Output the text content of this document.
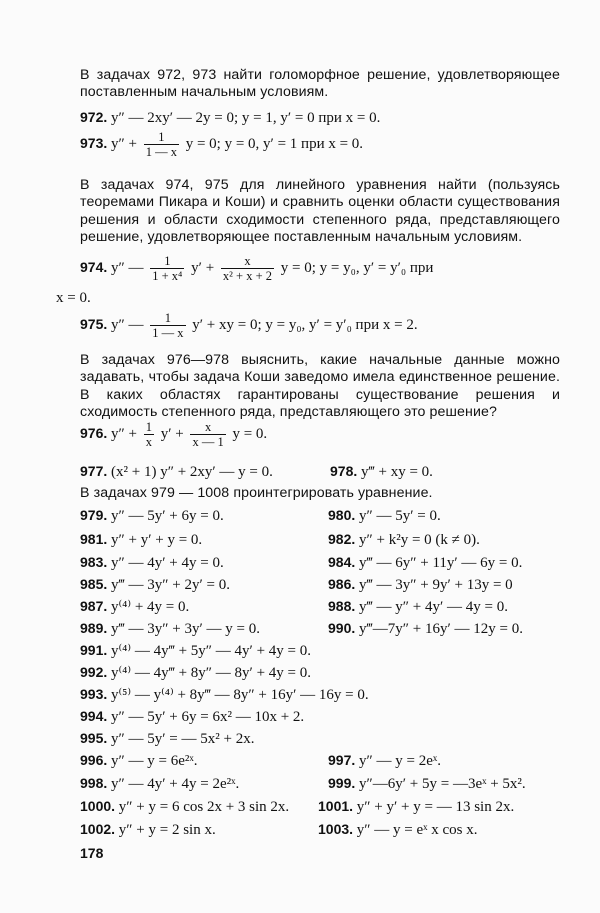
В задачах 972, 973 найти голоморфное решение, удовлетворяющее поставленным начальным условиям.
972. y″ — 2xy′ — 2y = 0; y = 1, y′ = 0 при x = 0.
973. $y'' + \frac{1}{1 — x}$ y = 0; y = 0, y′ = 1 при x = 0.
В задачах 974, 975 для линейного уравнения найти (пользуясь теоремами Пикара и Коши) и сравнить оценки области существования решения и области сходимости степенного ряда, представляющего решение, удовлетворяющее поставленным начальным условиям.
974. y″ — $\frac{1}{\text{1 + x⁴}} y' + \frac{x}{\text{x² + x + 2}}$ y = 0; y = y₀, y′ = y′₀ при
x = 0.
975. y″ — $\frac{1}{1 — x} y'$ + xy = 0; y = y₀, y′ = y′₀ при x = 2.
В задачах 976—978 выяснить, какие начальные данные можно задавать, чтобы задача Коши заведомо имела единственное решение. В каких областях гарантированы существование решения и сходимость степенного ряда, представляющего это решение?
976. $y'' + \frac{1}{x} y' + \frac{x}{x — 1}$ y = 0.
977. (x² + 1) y″ + 2xy′ — y = 0.	978. y‴ + xy = 0.
В задачах 979 — 1008 проинтегрировать уравнение.
979. y″ — 5y′ + 6y = 0.	980. y″ — 5y′ = 0.
981. y″ + y′ + y = 0.	982. y″ + k²y = 0 (k ≠ 0).
983. y″ — 4y′ + 4y = 0.	984. y‴ — 6y″ + 11y′ — 6y = 0.
985. y‴ — 3y″ + 2y′ = 0.	986. y‴ — 3y″ + 9y′ + 13y = 0
987. y⁽⁴⁾ + 4y = 0.	988. y‴ — y″ + 4y′ — 4y = 0.
989. y‴ — 3y″ + 3y′ — y = 0.	990. y‴—7y″ + 16y′ — 12y = 0.
991. y⁽⁴⁾ — 4y‴ + 5y″ — 4y′ + 4y = 0.
992. y⁽⁴⁾ — 4y‴ + 8y″ — 8y′ + 4y = 0.
993. y⁽⁵⁾ — y⁽⁴⁾ + 8y‴ — 8y″ + 16y′ — 16y = 0.
994. y″ — 5y′ + 6y = 6x² — 10x + 2.
995. y″ — 5y′ = — 5x² + 2x.
996. y″ — y = 6e²ˣ.	997. y″ — y = 2eˣ.
998. y″ — 4y′ + 4y = 2e²ˣ.	999. y″—6y′ + 5y = —3eˣ + 5x².
1000. y″ + y = 6 cos 2x + 3 sin 2x. 1001. y″ + y′ + y = — 13 sin 2x.
1002. y″ + y = 2 sin x.	1003. y″ — y = eˣ x cos x.
178
